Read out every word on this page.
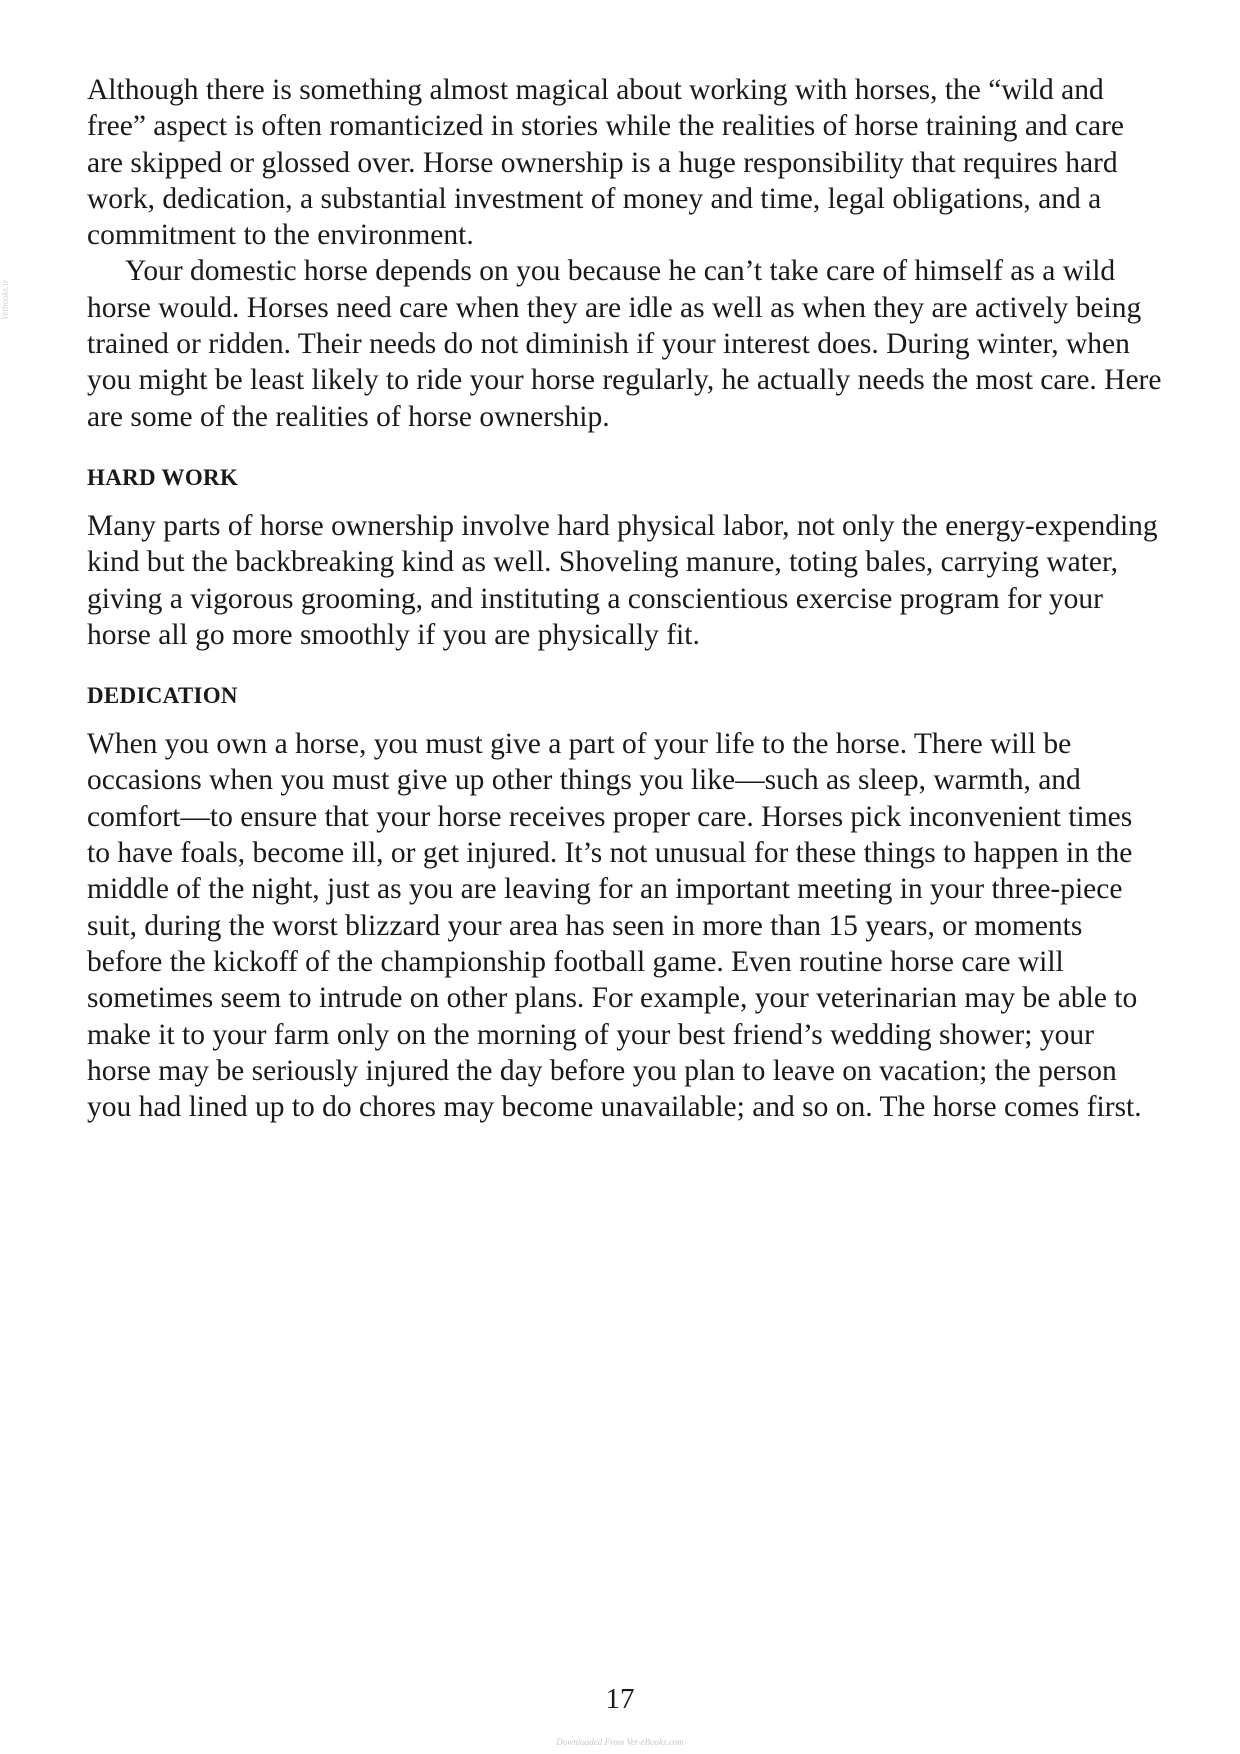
Vetbooks.ir

Although there is something almost magical about working with horses, the “wild and free” aspect is often romanticized in stories while the realities of horse training and care are skipped or glossed over. Horse ownership is a huge responsibility that requires hard work, dedication, a substantial investment of money and time, legal obligations, and a commitment to the environment.

Your domestic horse depends on you because he can’t take care of himself as a wild horse would. Horses need care when they are idle as well as when they are actively being trained or ridden. Their needs do not diminish if your interest does. During winter, when you might be least likely to ride your horse regularly, he actually needs the most care. Here are some of the realities of horse ownership.

HARD WORK

Many parts of horse ownership involve hard physical labor, not only the energy-expending kind but the backbreaking kind as well. Shoveling manure, toting bales, carrying water, giving a vigorous grooming, and instituting a conscientious exercise program for your horse all go more smoothly if you are physically fit.

DEDICATION

When you own a horse, you must give a part of your life to the horse. There will be occasions when you must give up other things you like—such as sleep, warmth, and comfort—to ensure that your horse receives proper care. Horses pick inconvenient times to have foals, become ill, or get injured. It’s not unusual for these things to happen in the middle of the night, just as you are leaving for an important meeting in your three-piece suit, during the worst blizzard your area has seen in more than 15 years, or moments before the kickoff of the championship football game. Even routine horse care will sometimes seem to intrude on other plans. For example, your veterinarian may be able to make it to your farm only on the morning of your best friend’s wedding shower; your horse may be seriously injured the day before you plan to leave on vacation; the person you had lined up to do chores may become unavailable; and so on. The horse comes first.

17
Downloaded From Vet-eBooks.com
